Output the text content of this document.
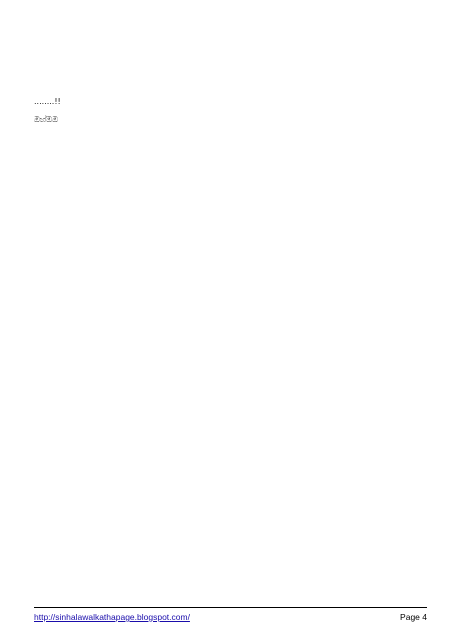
........!!

ඔහ්‍ඔ‍ඔ‍

http://sinhalawalkathapage.blogspot.com/	Page 4
